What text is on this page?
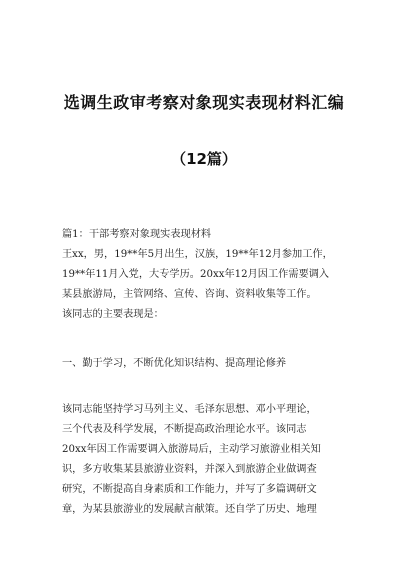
选调生政审考察对象现实表现材料汇编
（12篇）
篇1：干部考察对象现实表现材料
王xx，男，19**年5月出生，汉族，19**年12月参加工作，
19**年11月入党，大专学历。20xx年12月因工作需要调入
某县旅游局，主管网络、宣传、咨询、资料收集等工作。
该同志的主要表现是：
一、勤于学习，不断优化知识结构、提高理论修养
该同志能坚持学习马列主义、毛泽东思想、邓小平理论，
三个代表及科学发展，不断提高政治理论水平。该同志
20xx年因工作需要调入旅游局后，主动学习旅游业相关知
识，多方收集某县旅游业资料，并深入到旅游企业做调查
研究，不断提高自身素质和工作能力，并写了多篇调研文
章，为某县旅游业的发展献言献策。还自学了历史、地理
